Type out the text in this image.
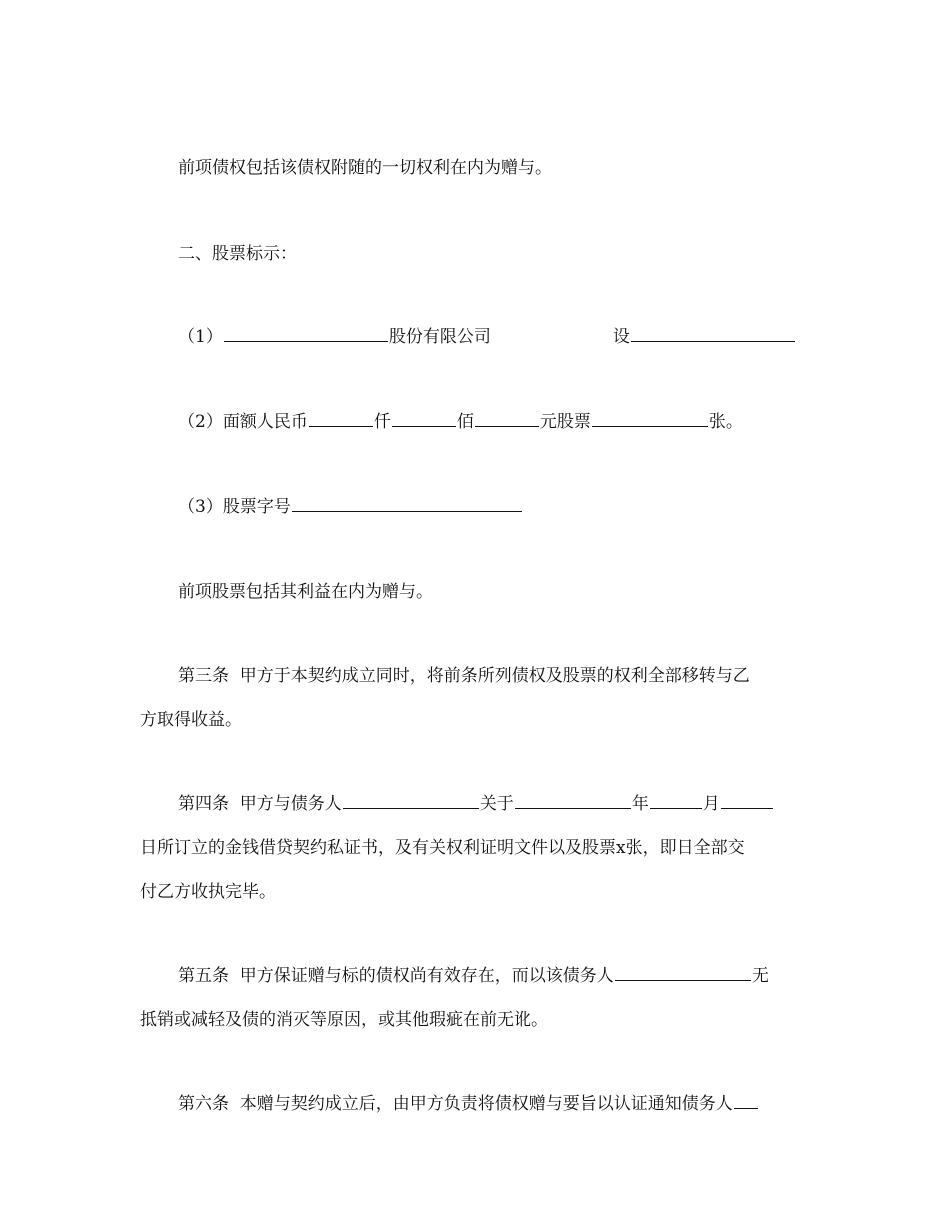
前项债权包括该债权附随的一切权利在内为赠与。
二、股票标示：
（1）	股份有限公司	设
（2）面额人民币	仟	佰	元股票	张。
（3）股票字号
前项股票包括其利益在内为赠与。
第三条  甲方于本契约成立同时，将前条所列债权及股票的权利全部移转与乙
方取得收益。
第四条  甲方与债务人	关于	年	月
日所订立的金钱借贷契约私证书，及有关权利证明文件以及股票x张，即日全部交
付乙方收执完毕。
第五条  甲方保证赠与标的债权尚有效存在，而以该债务人	无
抵销或减轻及债的消灭等原因，或其他瑕疵在前无讹。
第六条  本赠与契约成立后，由甲方负责将债权赠与要旨以认证通知债务人
